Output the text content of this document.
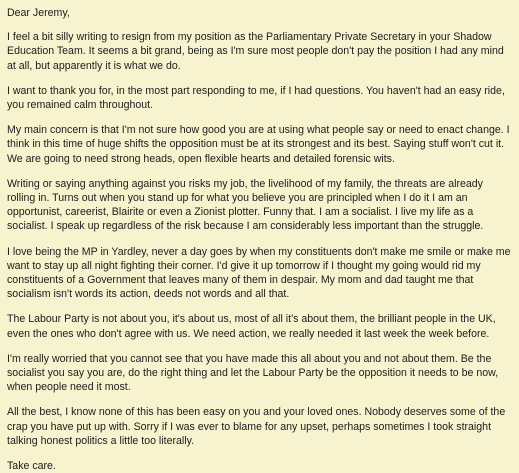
Dear Jeremy,

I feel a bit silly writing to resign from my position as the Parliamentary Private Secretary in your Shadow Education Team. It seems a bit grand, being as I'm sure most people don't pay the position I had any mind at all, but apparently it is what we do.

I want to thank you for, in the most part responding to me, if I had questions. You haven't had an easy ride, you remained calm throughout.

My main concern is that I'm not sure how good you are at using what people say or need to enact change. I think in this time of huge shifts the opposition must be at its strongest and its best. Saying stuff won't cut it. We are going to need strong heads, open flexible hearts and detailed forensic wits.

Writing or saying anything against you risks my job, the livelihood of my family, the threats are already rolling in. Turns out when you stand up for what you believe you are principled when I do it I am an opportunist, careerist, Blairite or even a Zionist plotter. Funny that. I am a socialist. I live my life as a socialist. I speak up regardless of the risk because I am considerably less important than the struggle.

I love being the MP in Yardley, never a day goes by when my constituents don't make me smile or make me want to stay up all night fighting their corner. I'd give it up tomorrow if I thought my going would rid my constituents of a Government that leaves many of them in despair. My mom and dad taught me that socialism isn't words its action, deeds not words and all that.

The Labour Party is not about you, it's about us, most of all it's about them, the brilliant people in the UK, even the ones who don't agree with us. We need action, we really needed it last week the week before.

I'm really worried that you cannot see that you have made this all about you and not about them. Be the socialist you say you are, do the right thing and let the Labour Party be the opposition it needs to be now, when people need it most.

All the best, I know none of this has been easy on you and your loved ones. Nobody deserves some of the crap you have put up with. Sorry if I was ever to blame for any upset, perhaps sometimes I took straight talking honest politics a little too literally.

Take care.
